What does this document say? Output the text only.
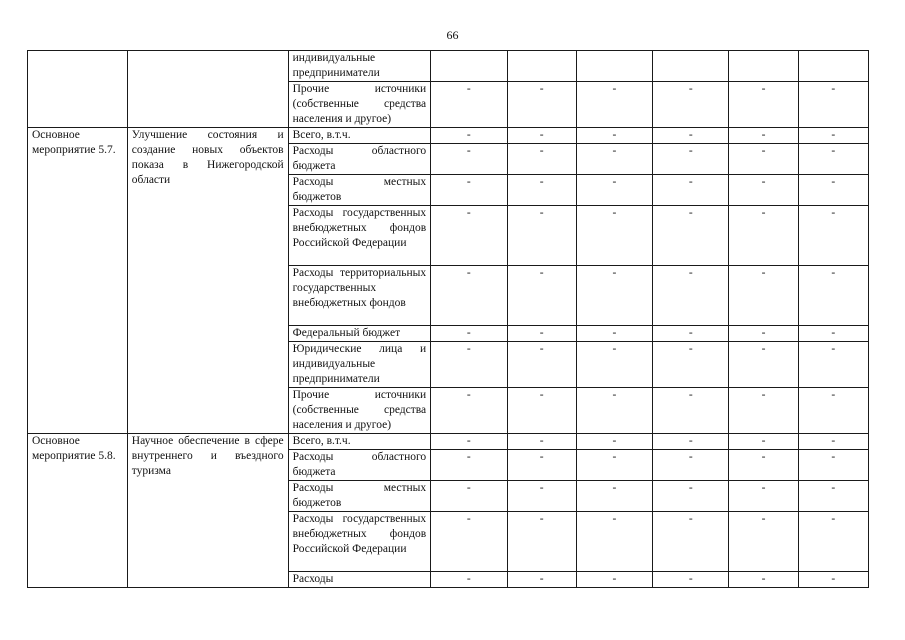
66
		индивидуальные предприниматели						
		Прочие источники (собственные средства населения и другое)	-	-	-	-	-	-
Основное мероприятие 5.7.	Улучшение состояния и создание новых объектов показа в Нижегородской области	Всего, в.т.ч.	-	-	-	-	-	-
		Расходы областного бюджета	-	-	-	-	-	-
		Расходы местных бюджетов	-	-	-	-	-	-
		Расходы государственных внебюджетных фондов Российской Федерации	-	-	-	-	-	-
		Расходы территориальных государственных внебюджетных фондов	-	-	-	-	-	-
		Федеральный бюджет	-	-	-	-	-	-
		Юридические лица и индивидуальные предприниматели	-	-	-	-	-	-
		Прочие источники (собственные средства населения и другое)	-	-	-	-	-	-
Основное мероприятие 5.8.	Научное обеспечение в сфере внутреннего и въездного туризма	Всего, в.т.ч.	-	-	-	-	-	-
		Расходы областного бюджета	-	-	-	-	-	-
		Расходы местных бюджетов	-	-	-	-	-	-
		Расходы государственных внебюджетных фондов Российской Федерации	-	-	-	-	-	-
		Расходы	-	-	-	-	-	-
